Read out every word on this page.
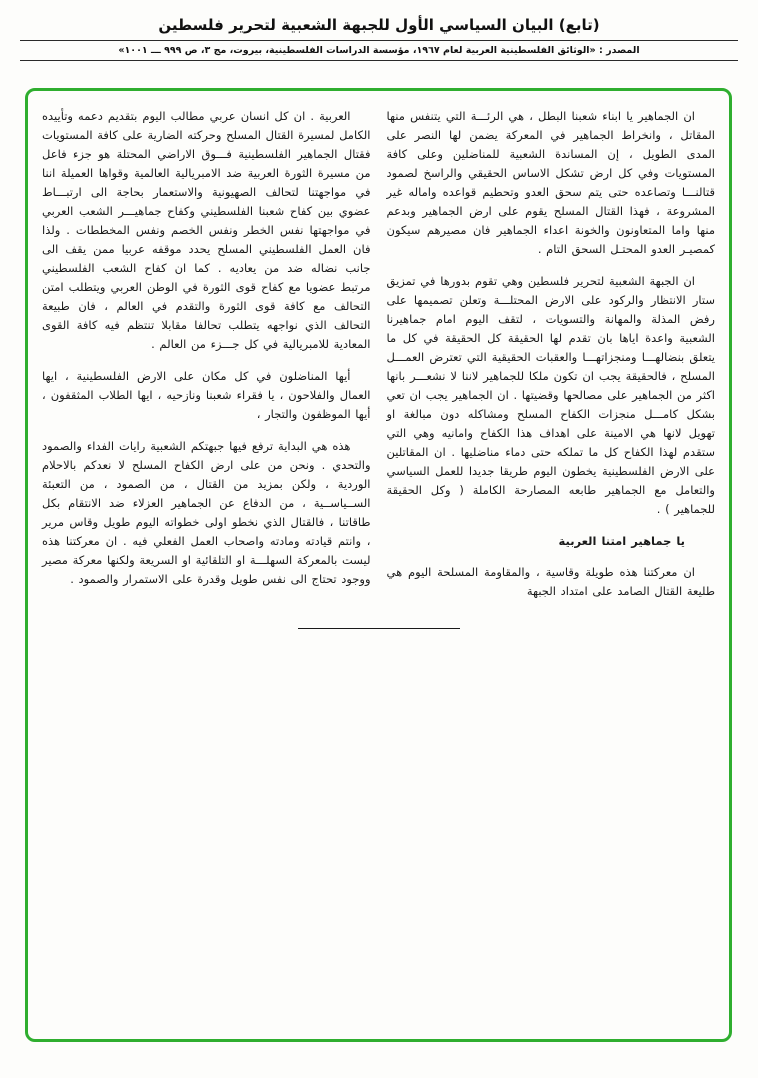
(تابع) البيان السياسي الأول للجبهة الشعبية لتحرير فلسطين
المصدر : «الوثائق الفلسطينية العربية لعام ١٩٦٧، مؤسسة الدراسات الفلسطينية، بيروت، مج ٣، ص ٩٩٩ ـــ ١٠٠١»

ان الجماهير يا ابناء شعبنا البطل ، هي الرئـــة التي يتنفس منها المقاتل ، وانخراط الجماهير في المعركة يضمن لها النصر على المدى الطويل ، إن المساندة الشعبية للمناضلين وعلى كافة المستويات وفي كل ارض تشكل الاساس الحقيقي والراسخ لصمود قتالنـــا وتصاعده حتى يتم سحق العدو وتحطيم قواعده واماله غير المشروعة ، فهذا القتال المسلح يقوم على ارض الجماهير وبدعم منها واما المتعاونون والخونة اعداء الجماهير فان مصيرهم سيكون كمصيـر العدو المحتـل السحق التام .

ان الجبهة الشعبية لتحرير فلسطين وهي تقوم بدورها في تمزيق ستار الانتظار والركود على الارض المحتلـــة وتعلن تصميمها على رفض المذلة والمهانة والتسويات ، لتقف اليوم امام جماهيرنا الشعبية واعدة اياها بان تقدم لها الحقيقة كل الحقيقة في كل ما يتعلق بنضالهـــا ومنجزاتهـــا والعقبات الحقيقية التي تعترض العمـــل المسلح ، فالحقيقة يجب ان تكون ملكا للجماهير لاننا لا نشعـــر بانها اكثر من الجماهير على مصالحها وقضيتها . ان الجماهير يجب ان تعي بشكل كامـــل منجزات الكفاح المسلح ومشاكله دون مبالغة او تهويل لانها هي الامينة على اهداف هذا الكفاح وامانيه وهي التي ستقدم لهذا الكفاح كل ما تملكه حتى دماء مناضليها . ان المقاتلين على الارض الفلسطينية يخطون اليوم طريقا جديدا للعمل السياسي والتعامل مع الجماهير طابعه المصارحة الكاملة ( وكل الحقيقة للجماهير ) .

يا جماهير امتنا العربية

ان معركتنا هذه طويلة وقاسية ، والمقاومة المسلحة اليوم هي طليعة القتال الصامد على امتداد الجبهة

العربية . ان كل انسان عربي مطالب اليوم بتقديم دعمه وتأييده الكامل لمسيرة القتال المسلح وحركته الضارية على كافة المستويات فقتال الجماهير الفلسطينية فـــوق الاراضي المحتلة هو جزء فاعل من مسيرة الثورة العربية ضد الامبريالية العالمية وقواها العميلة اننا في مواجهتنا لتحالف الصهيونية والاستعمار بحاجة الى ارتبـــاط عضوي بين كفاح شعبنا الفلسطيني وكفاح جماهيـــر الشعب العربي في مواجهتها نفس الخطر ونفس الخصم ونفس المخططات . ولذا فان العمل الفلسطيني المسلح يحدد موقفه عربيا ممن يقف الى جانب نضاله ضد من يعاديه . كما ان كفاح الشعب الفلسطيني مرتبط عضويا مع كفاح قوى الثورة في الوطن العربي ويتطلب امتن التحالف مع كافة قوى الثورة والتقدم في العالم ، فان طبيعة التحالف الذي نواجهه يتطلب تحالفا مقابلا تنتظم فيه كافة القوى المعادية للامبريالية في كل جـــزء من العالم .

أيها المناضلون في كل مكان على الارض الفلسطينية ، ايها العمال والفلاحون ، يا فقراء شعبنا ونازحيه ، ايها الطلاب المثقفون ، أيها الموظفون والتجار ،

هذه هي البداية ترفع فيها جبهتكم الشعبية رايات الفداء والصمود والتحدي . ونحن من على ارض الكفاح المسلح لا نعدكم بالاحلام الوردية ، ولكن بمزيد من القتال ، من الصمود ، من التعبئة الســياســية ، من الدفاع عن الجماهير العزلاء ضد الانتقام بكل طاقاتنا ، فالقتال الذي نخطو اولى خطواته اليوم طويل وقاس مرير ، وانتم قيادته ومادته واصحاب العمل الفعلي فيه . ان معركتنا هذه ليست بالمعركة السهلـــة او التلقائية او السريعة ولكنها معركة مصير ووجود تحتاج الى نفس طويل وقدرة على الاستمرار والصمود .
